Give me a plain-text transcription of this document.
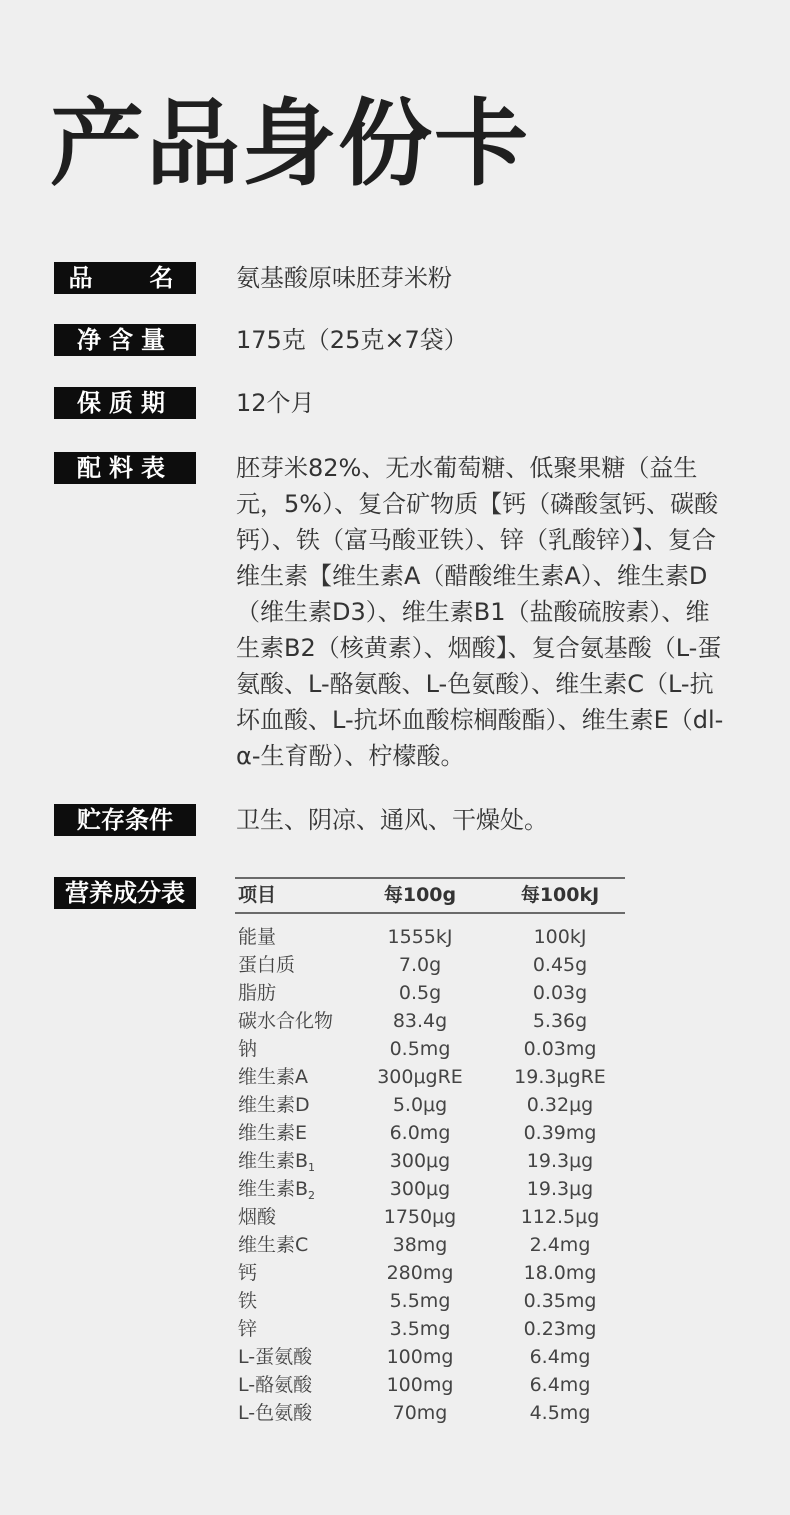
产品身份卡
品   名	氨基酸原味胚芽米粉
净含量	175克（25克×7袋）
保质期	12个月
配料表	胚芽米82%、无水葡萄糖、低聚果糖（益生元，5%）、复合矿物质【钙（磷酸氢钙、碳酸钙）、铁（富马酸亚铁）、锌（乳酸锌）】、复合维生素【维生素A（醋酸维生素A）、维生素D（维生素D3）、维生素B1（盐酸硫胺素）、维生素B2（核黄素）、烟酸】、复合氨基酸（L-蛋氨酸、L-酪氨酸、L-色氨酸）、维生素C（L-抗坏血酸、L-抗坏血酸棕榈酸酯）、维生素E（dl-α-生育酚）、柠檬酸。
贮存条件	卫生、阴凉、通风、干燥处。
营养成分表	项目	每100g	每100kJ
能量	1555kJ	100kJ
蛋白质	7.0g	0.45g
脂肪	0.5g	0.03g
碳水合化物	83.4g	5.36g
钠	0.5mg	0.03mg
维生素A	300μgRE	19.3μgRE
维生素D	5.0μg	0.32μg
维生素E	6.0mg	0.39mg
维生素$B_1$	300μg	19.3μg
维生素$B_2$	300μg	19.3μg
烟酸	1750μg	112.5μg
维生素C	38mg	2.4mg
钙	280mg	18.0mg
铁	5.5mg	0.35mg
锌	3.5mg	0.23mg
L-蛋氨酸	100mg	6.4mg
L-酪氨酸	100mg	6.4mg
L-色氨酸	70mg	4.5mg
